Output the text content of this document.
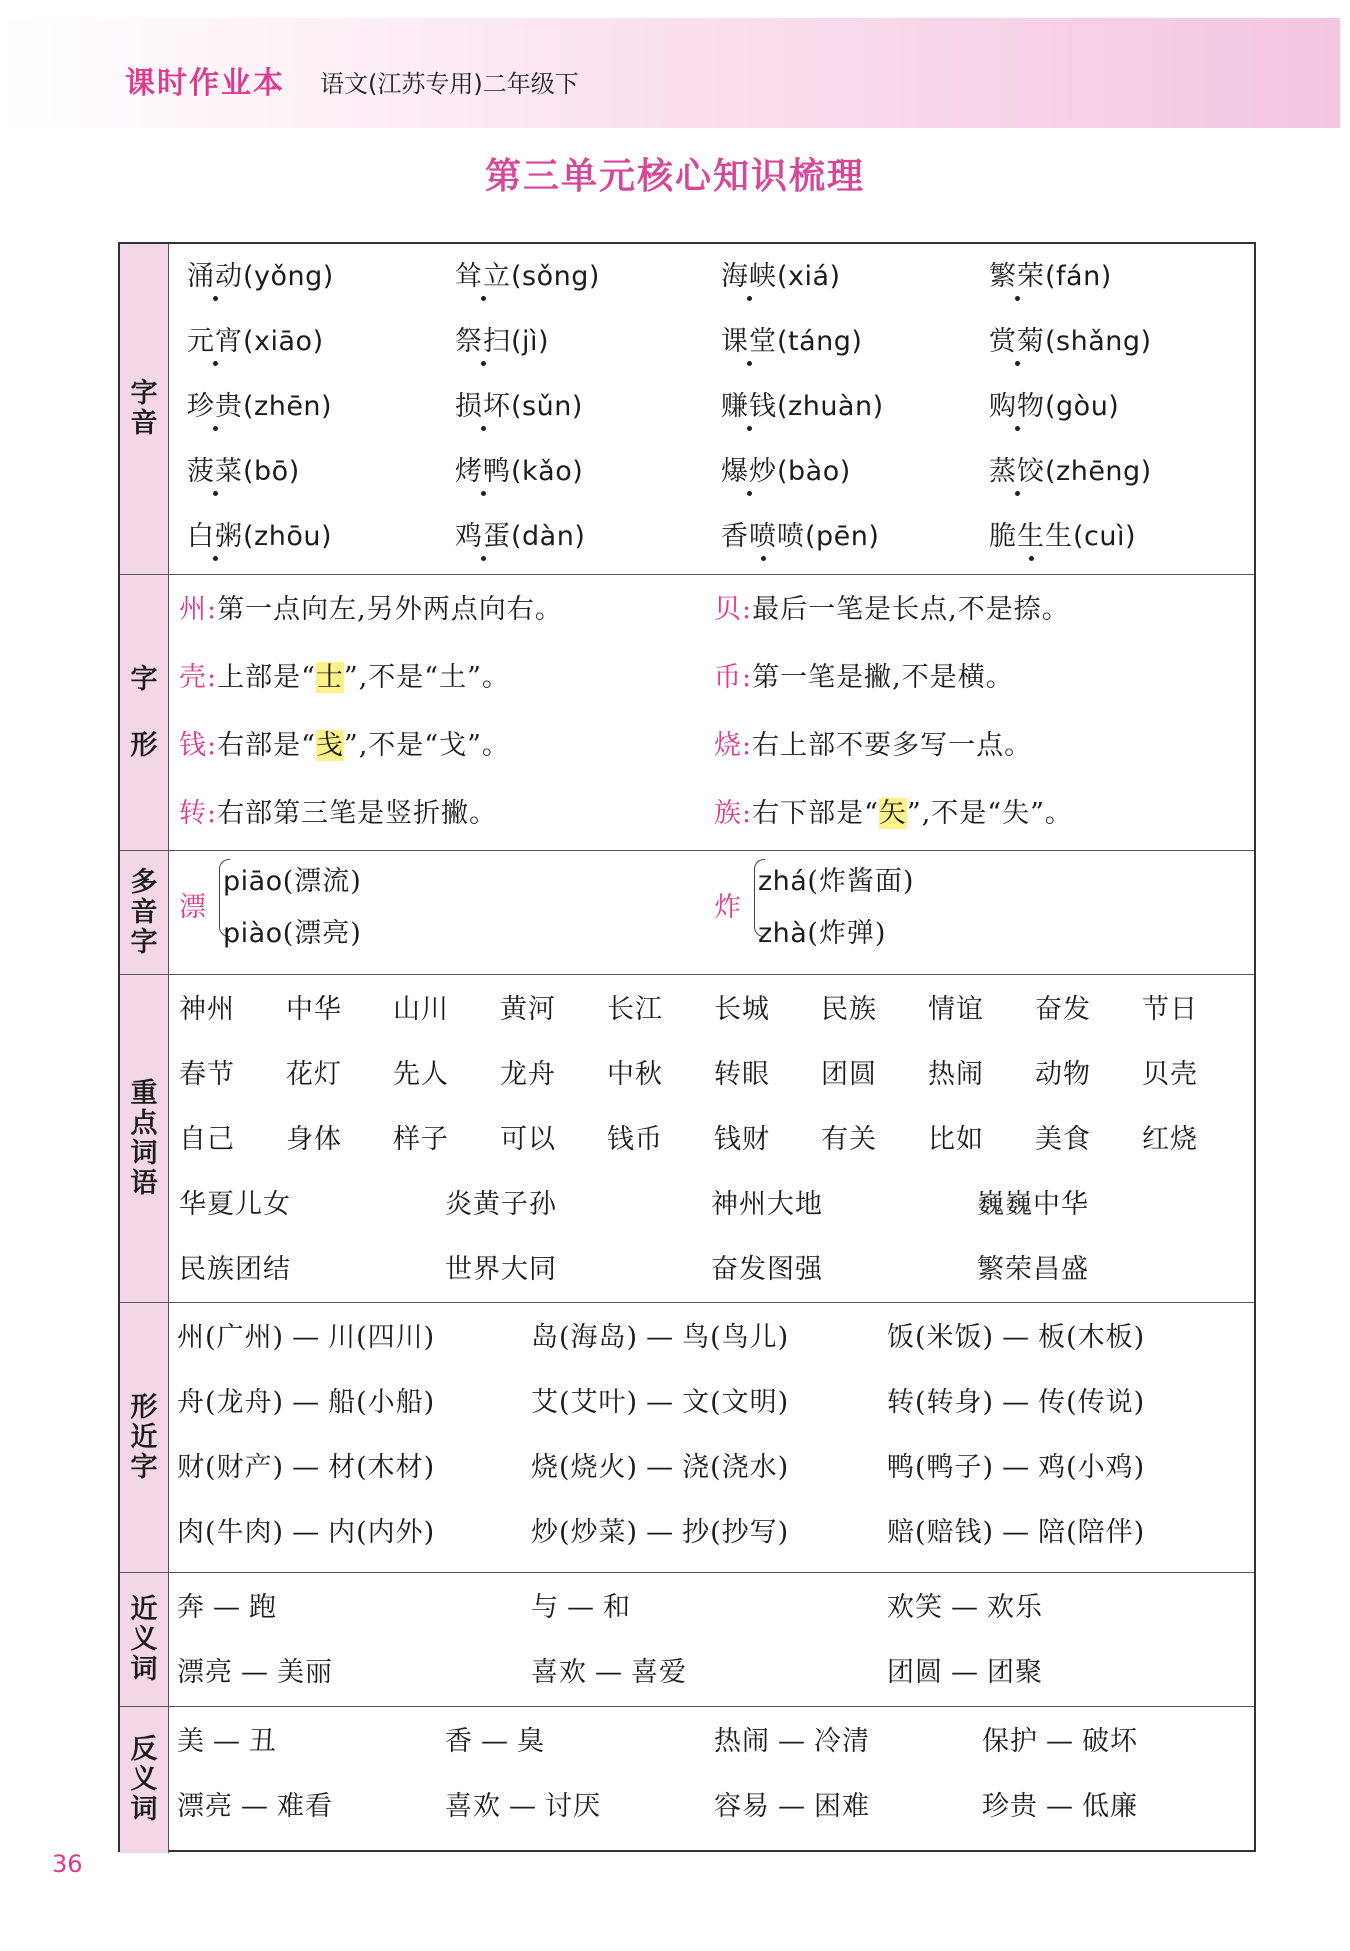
课时作业本 语文(江苏专用)二年级下
第三单元核心知识梳理
字
音
涌动(yǒng)	耸立(sǒng)	海峡(xiá)	繁荣(fán)
元宵(xiāo)	祭扫(jì)	课堂(táng)	赏菊(shǎng)
珍贵(zhēn)	损坏(sǔn)	赚钱(zhuàn)	购物(gòu)
菠菜(bō)	烤鸭(kǎo)	爆炒(bào)	蒸饺(zhēng)
白粥(zhōu)	鸡蛋(dàn)	香喷喷(pēn)	脆生生(cuì)
字
形
州:第一点向左,另外两点向右。	贝:最后一笔是长点,不是捺。
壳:上部是“士”,不是“土”。	币:第一笔是撇,不是横。
钱:右部是“戋”,不是“戈”。	烧:右上部不要多写一点。
转:右部第三笔是竖折撇。	族:右下部是“矢”,不是“失”。
多
音
字
漂
piāo(漂流)
piào(漂亮)
炸
zhá(炸酱面)
zhà(炸弹)
重
点
词
语
神州 中华 山川 黄河 长江 长城 民族 情谊 奋发 节日
春节 花灯 先人 龙舟 中秋 转眼 团圆 热闹 动物 贝壳
自己 身体 样子 可以 钱币 钱财 有关 比如 美食 红烧
华夏儿女	炎黄子孙	神州大地	巍巍中华
民族团结	世界大同	奋发图强	繁荣昌盛
形
近
字
州(广州) — 川(四川)	岛(海岛) — 鸟(鸟儿)	饭(米饭) — 板(木板)
舟(龙舟) — 船(小船)	艾(艾叶) — 文(文明)	转(转身) — 传(传说)
财(财产) — 材(木材)	烧(烧火) — 浇(浇水)	鸭(鸭子) — 鸡(小鸡)
肉(牛肉) — 内(内外)	炒(炒菜) — 抄(抄写)	赔(赔钱) — 陪(陪伴)
近
义
词
奔 — 跑	与 — 和	欢笑 — 欢乐
漂亮 — 美丽	喜欢 — 喜爱	团圆 — 团聚
反
义
词
美 — 丑	香 — 臭	热闹 — 冷清	保护 — 破坏
漂亮 — 难看	喜欢 — 讨厌	容易 — 困难	珍贵 — 低廉
36
